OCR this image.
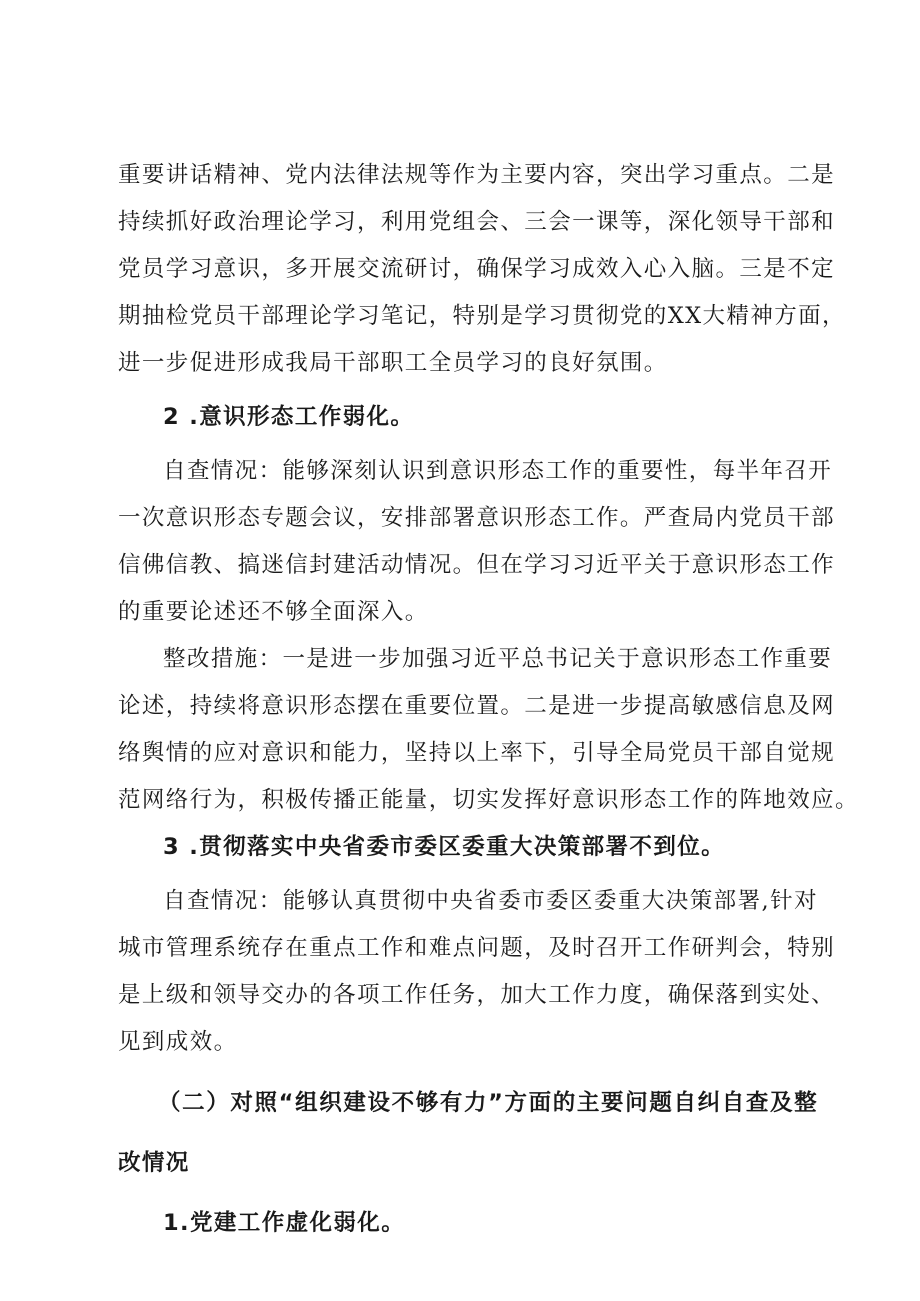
重要讲话精神、党内法律法规等作为主要内容，突出学习重点。二是
持续抓好政治理论学习，利用党组会、三会一课等，深化领导干部和
党员学习意识，多开展交流研讨，确保学习成效入心入脑。三是不定
期抽检党员干部理论学习笔记，特别是学习贯彻党的XX大精神方面，
进一步促进形成我局干部职工全员学习的良好氛围。
2 .意识形态工作弱化。
自查情况：能够深刻认识到意识形态工作的重要性，每半年召开
一次意识形态专题会议，安排部署意识形态工作。严查局内党员干部
信佛信教、搞迷信封建活动情况。但在学习习近平关于意识形态工作
的重要论述还不够全面深入。
整改措施：一是进一步加强习近平总书记关于意识形态工作重要
论述，持续将意识形态摆在重要位置。二是进一步提高敏感信息及网
络舆情的应对意识和能力，坚持以上率下，引导全局党员干部自觉规
范网络行为，积极传播正能量，切实发挥好意识形态工作的阵地效应。
3 .贯彻落实中央省委市委区委重大决策部署不到位。
自查情况：能够认真贯彻中央省委市委区委重大决策部署,针对
城市管理系统存在重点工作和难点问题，及时召开工作研判会，特别
是上级和领导交办的各项工作任务，加大工作力度，确保落到实处、
见到成效。
（二）对照“组织建设不够有力”方面的主要问题自纠自查及整
改情况
1.党建工作虚化弱化。
